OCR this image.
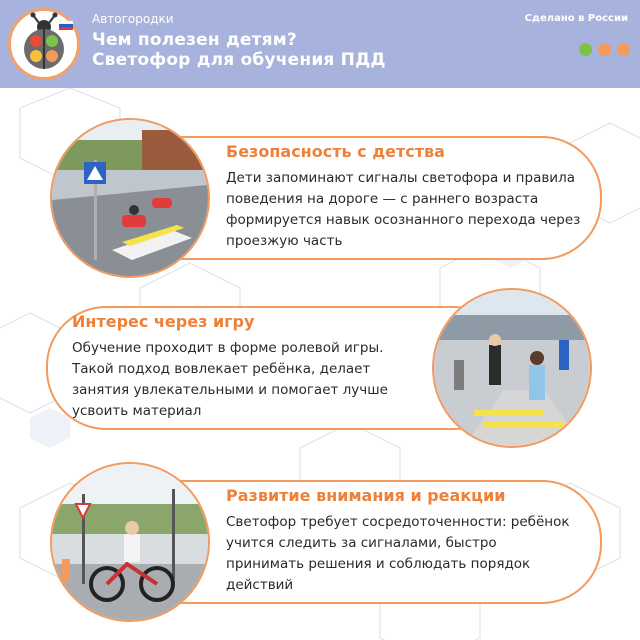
Автогородки
Чем полезен детям?
Светофор для обучения ПДД
Сделано в России
Безопасность с детства
Дети запоминают сигналы светофора и правила
поведения на дороге — с раннего возраста
формируется навык осознанного перехода через
проезжую часть
Интерес через игру
Обучение проходит в форме ролевой игры.
Такой подход вовлекает ребёнка, делает
занятия увлекательными и помогает лучше
усвоить материал
Развитие внимания и реакции
Светофор требует сосредоточенности: ребёнок
учится следить за сигналами, быстро
принимать решения и соблюдать порядок
действий
